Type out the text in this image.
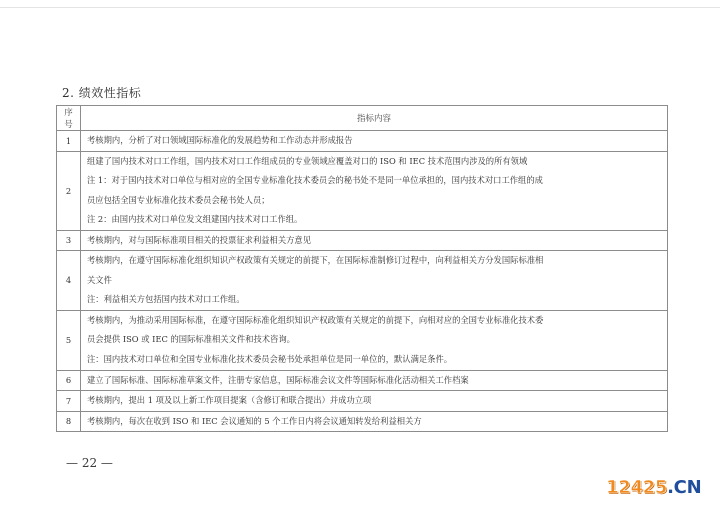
2. 绩效性指标
序号	指标内容
1	考核期内，分析了对口领域国际标准化的发展趋势和工作动态并形成报告

2	组建了国内技术对口工作组，国内技术对口工作组成员的专业领域应覆盖对口的 ISO 和 IEC 技术范围内涉及的所有领域
注 1：对于国内技术对口单位与相对应的全国专业标准化技术委员会的秘书处不是同一单位承担的，国内技术对口工作组的成
员应包括全国专业标准化技术委员会秘书处人员；
注 2：由国内技术对口单位发文组建国内技术对口工作组。

3	考核期内，对与国际标准项目相关的投票征求利益相关方意见

4	考核期内，在遵守国际标准化组织知识产权政策有关规定的前提下，在国际标准制修订过程中，向利益相关方分发国际标准相
关文件
注：利益相关方包括国内技术对口工作组。

5	考核期内，为推动采用国际标准，在遵守国际标准化组织知识产权政策有关规定的前提下，向相对应的全国专业标准化技术委
员会提供 ISO 或 IEC 的国际标准相关文件和技术咨询。
注：国内技术对口单位和全国专业标准化技术委员会秘书处承担单位是同一单位的，默认满足条件。

6	建立了国际标准、国际标准草案文件，注册专家信息，国际标准会议文件等国际标准化活动相关工作档案

7	考核期内，提出 1 项及以上新工作项目提案（含修订和联合提出）并成功立项

8	考核期内，每次在收到 ISO 和 IEC 会议通知的 5 个工作日内将会议通知转发给利益相关方
— 22 —
12425.CN
